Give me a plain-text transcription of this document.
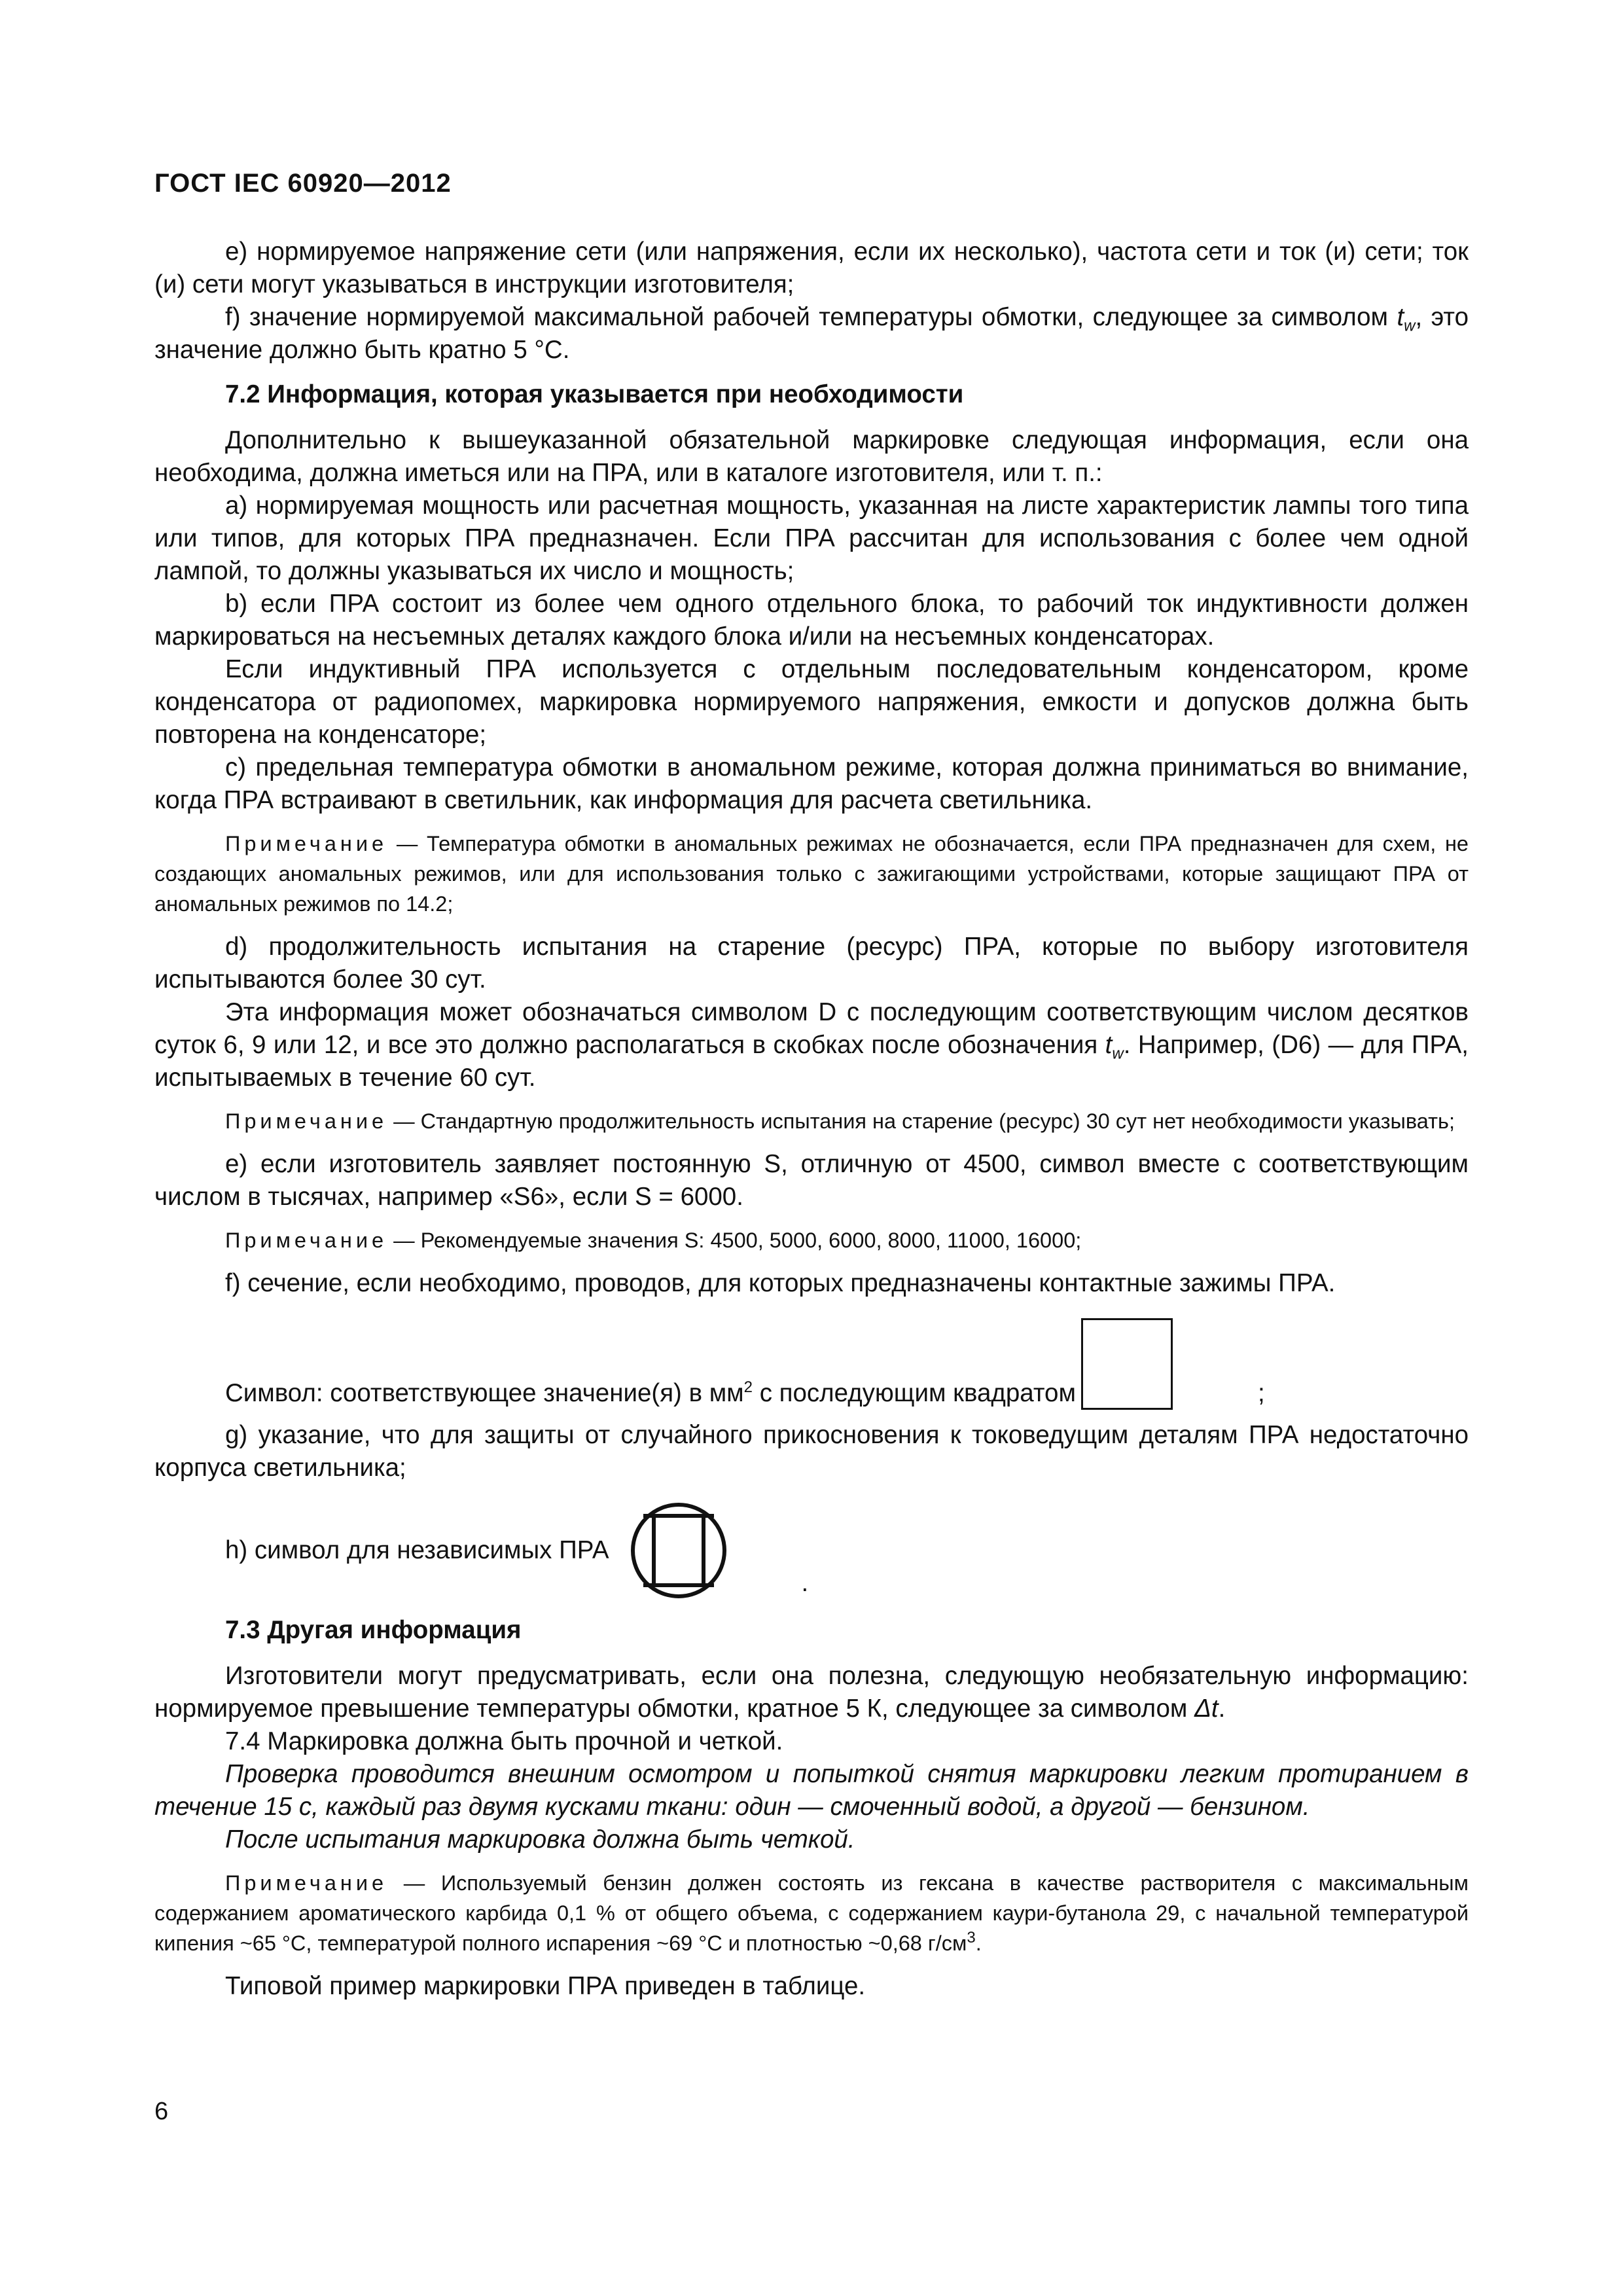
ГОСТ IEC 60920—2012

е) нормируемое напряжение сети (или напряжения, если их несколько), частота сети и ток (и) сети; ток (и) сети могут указываться в инструкции изготовителя;

f) значение нормируемой максимальной рабочей температуры обмотки, следующее за символом $t_w$, это значение должно быть кратно 5 °С.

7.2 Информация, которая указывается при необходимости

Дополнительно к вышеуказанной обязательной маркировке следующая информация, если она необходима, должна иметься или на ПРА, или в каталоге изготовителя, или т. п.:

а) нормируемая мощность или расчетная мощность, указанная на листе характеристик лампы того типа или типов, для которых ПРА предназначен. Если ПРА рассчитан для использования с более чем одной лампой, то должны указываться их число и мощность;

b) если ПРА состоит из более чем одного отдельного блока, то рабочий ток индуктивности должен маркироваться на несъемных деталях каждого блока и/или на несъемных конденсаторах.

Если индуктивный ПРА используется с отдельным последовательным конденсатором, кроме конденсатора от радиопомех, маркировка нормируемого напряжения, емкости и допусков должна быть повторена на конденсаторе;

с) предельная температура обмотки в аномальном режиме, которая должна приниматься во внимание, когда ПРА встраивают в светильник, как информация для расчета светильника.

Примечание — Температура обмотки в аномальных режимах не обозначается, если ПРА предназначен для схем, не создающих аномальных режимов, или для использования только с зажигающими устройствами, которые защищают ПРА от аномальных режимов по 14.2;

d) продолжительность испытания на старение (ресурс) ПРА, которые по выбору изготовителя испытываются более 30 сут.

Эта информация может обозначаться символом D с последующим соответствующим числом десятков суток 6, 9 или 12, и все это должно располагаться в скобках после обозначения $t_w$. Например, (D6) — для ПРА, испытываемых в течение 60 сут.

Примечание — Стандартную продолжительность испытания на старение (ресурс) 30 сут нет необходимости указывать;

е) если изготовитель заявляет постоянную S, отличную от 4500, символ вместе с соответствующим числом в тысячах, например «S6», если S = 6000.

Примечание — Рекомендуемые значения S: 4500, 5000, 6000, 8000, 11000, 16000;

f) сечение, если необходимо, проводов, для которых предназначены контактные зажимы ПРА.

Символ: соответствующее значение(я) в $мм^2$ с последующим квадратом	;

g) указание, что для защиты от случайного прикосновения к токоведущим деталям ПРА недостаточно корпуса светильника;

h) символ для независимых ПРА
.

7.3 Другая информация

Изготовители могут предусматривать, если она полезна, следующую необязательную информацию: нормируемое превышение температуры обмотки, кратное 5 К, следующее за символом Δt.

7.4 Маркировка должна быть прочной и четкой.

Проверка проводится внешним осмотром и попыткой снятия маркировки легким протиранием в течение 15 с, каждый раз двумя кусками ткани: один — смоченный водой, а другой — бензином.

После испытания маркировка должна быть четкой.

Примечание — Используемый бензин должен состоять из гексана в качестве растворителя с максимальным содержанием ароматического карбида 0,1 % от общего объема, с содержанием каури-бутанола 29, с начальной температурой кипения ~65 °С, температурой полного испарения ~69 °С и плотностью ~0,68 $г/см^3$.

Типовой пример маркировки ПРА приведен в таблице.

6
